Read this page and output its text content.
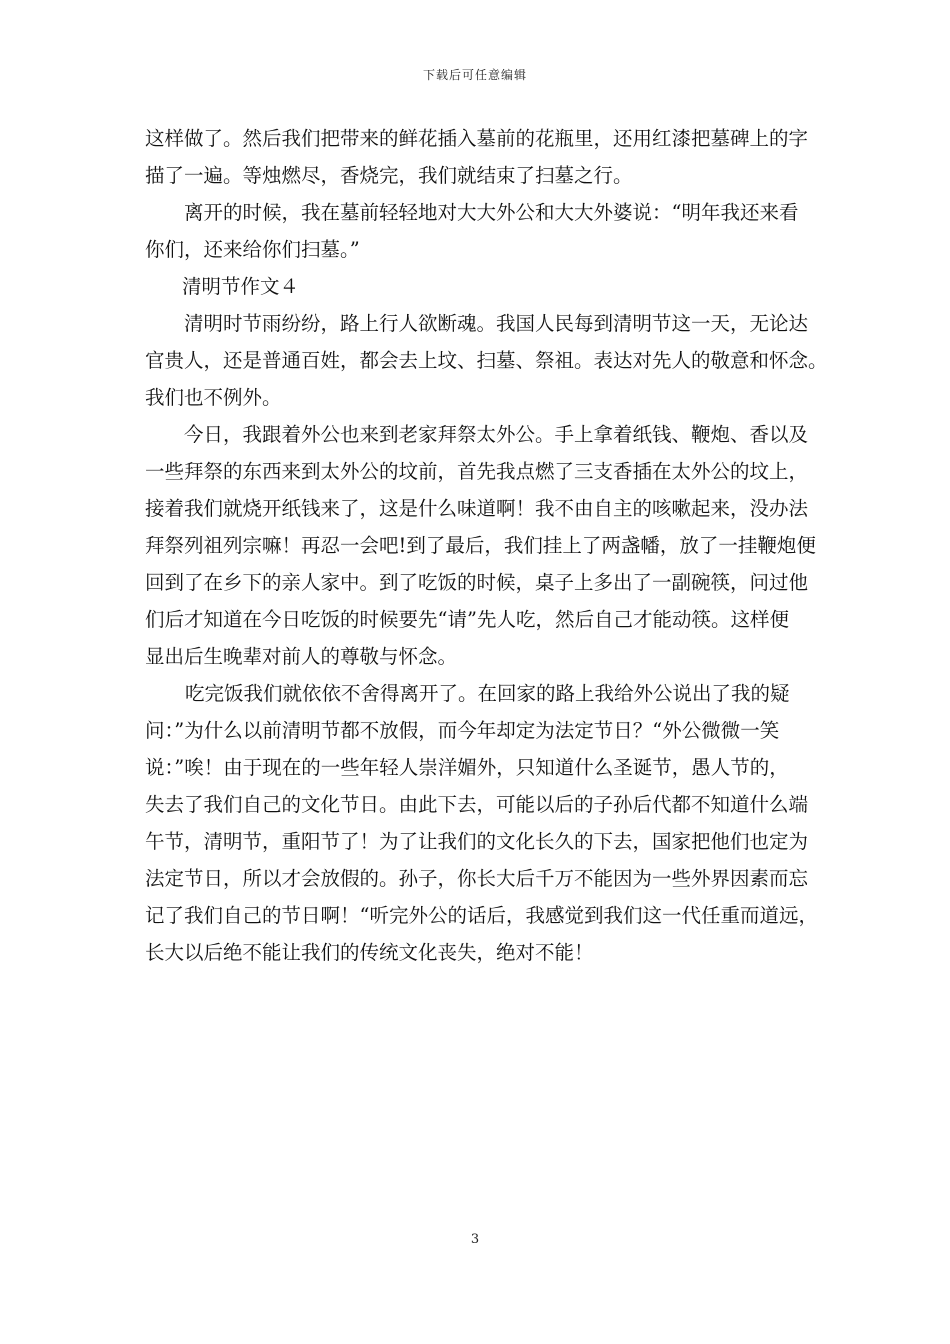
下载后可任意编辑
这样做了。然后我们把带来的鲜花插入墓前的花瓶里，还用红漆把墓碑上的字
描了一遍。等烛燃尽，香烧完，我们就结束了扫墓之行。
离开的时候，我在墓前轻轻地对大大外公和大大外婆说：“明年我还来看
你们，还来给你们扫墓。”
清明节作文４
清明时节雨纷纷，路上行人欲断魂。我国人民每到清明节这一天，无论达
官贵人，还是普通百姓，都会去上坟、扫墓、祭祖。表达对先人的敬意和怀念。
我们也不例外。
今日，我跟着外公也来到老家拜祭太外公。手上拿着纸钱、鞭炮、香以及
一些拜祭的东西来到太外公的坟前，首先我点燃了三支香插在太外公的坟上，
接着我们就烧开纸钱来了，这是什么味道啊！我不由自主的咳嗽起来，没办法
拜祭列祖列宗嘛！再忍一会吧!到了最后，我们挂上了两盏幡，放了一挂鞭炮便
回到了在乡下的亲人家中。到了吃饭的时候，桌子上多出了一副碗筷，问过他
们后才知道在今日吃饭的时候要先“请”先人吃，然后自己才能动筷。这样便
显出后生晚辈对前人的尊敬与怀念。
吃完饭我们就依依不舍得离开了。在回家的路上我给外公说出了我的疑
问：”为什么以前清明节都不放假，而今年却定为法定节日？“外公微微一笑
说：”唉！由于现在的一些年轻人崇洋媚外，只知道什么圣诞节，愚人节的，
失去了我们自己的文化节日。由此下去，可能以后的子孙后代都不知道什么端
午节，清明节，重阳节了！为了让我们的文化长久的下去，国家把他们也定为
法定节日，所以才会放假的。孙子，你长大后千万不能因为一些外界因素而忘
记了我们自己的节日啊！“听完外公的话后，我感觉到我们这一代任重而道远，
长大以后绝不能让我们的传统文化丧失，绝对不能！
3
